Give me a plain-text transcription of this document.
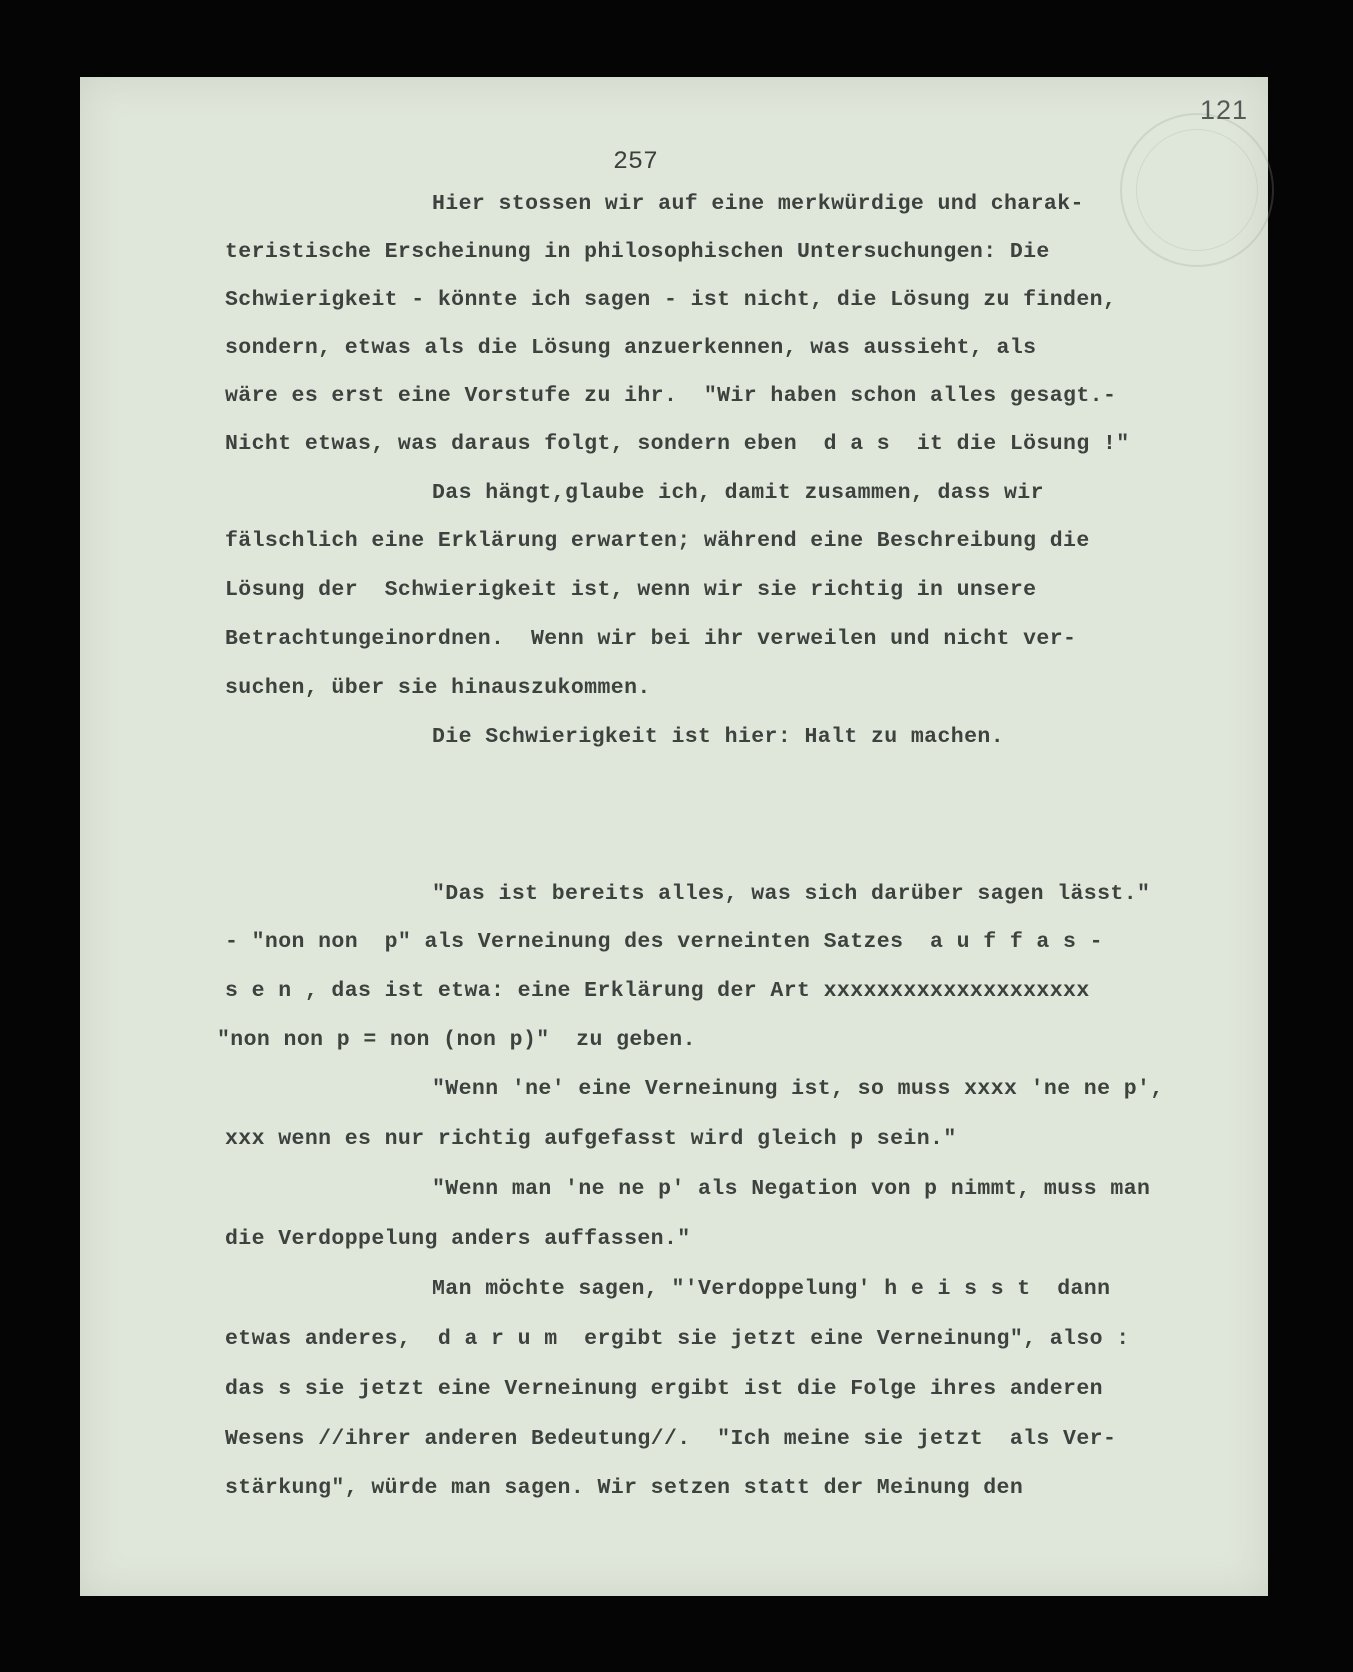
121
257
Hier stossen wir auf eine merkwürdige und charak-
teristische Erscheinung in philosophischen Untersuchungen: Die
Schwierigkeit - könnte ich sagen - ist nicht, die Lösung zu finden,
sondern, etwas als die Lösung anzuerkennen, was aussieht, als
wäre es erst eine Vorstufe zu ihr.  "Wir haben schon alles gesagt.-
Nicht etwas, was daraus folgt, sondern eben  d a s  it die Lösung !"
Das hängt,glaube ich, damit zusammen, dass wir
fälschlich eine Erklärung erwarten; während eine Beschreibung die
Lösung der  Schwierigkeit ist, wenn wir sie richtig in unsere
Betrachtungeinordnen.  Wenn wir bei ihr verweilen und nicht ver-
suchen, über sie hinauszukommen.
Die Schwierigkeit ist hier: Halt zu machen.
"Das ist bereits alles, was sich darüber sagen lässt."
- "non non  p" als Verneinung des verneinten Satzes  a u f f a s -
s e n , das ist etwa: eine Erklärung der Art xxxxxxxxxxxxxxxxxxxx
"non non p = non (non p)"  zu geben.
"Wenn 'ne' eine Verneinung ist, so muss xxxx 'ne ne p',
xxx wenn es nur richtig aufgefasst wird gleich p sein."
"Wenn man 'ne ne p' als Negation von p nimmt, muss man
die Verdoppelung anders auffassen."
Man möchte sagen, "'Verdoppelung' h e i s s t  dann
etwas anderes,  d a r u m  ergibt sie jetzt eine Verneinung", also :
das s sie jetzt eine Verneinung ergibt ist die Folge ihres anderen
Wesens //ihrer anderen Bedeutung//.  "Ich meine sie jetzt  als Ver-
stärkung", würde man sagen. Wir setzen statt der Meinung den
